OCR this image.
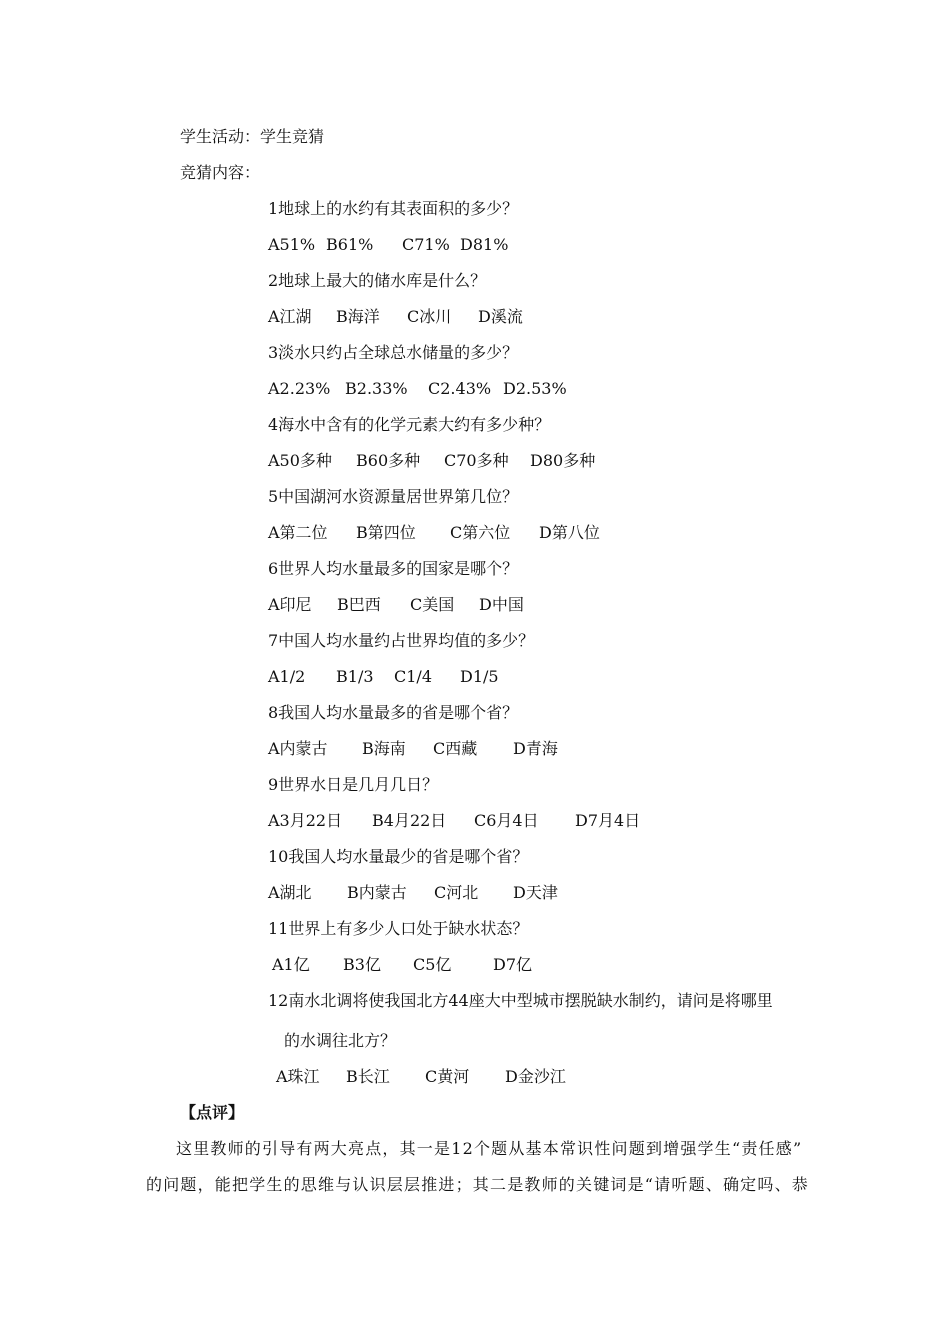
学生活动：学生竞猜
竞猜内容：
1地球上的水约有其表面积的多少？
A51% B61% C71% D81%
2地球上最大的储水库是什么？
A江湖 B海洋 C冰川 D溪流
3淡水只约占全球总水储量的多少？
A2.23% B2.33% C2.43% D2.53%
4海水中含有的化学元素大约有多少种？
A50多种 B60多种 C70多种 D80多种
5中国湖河水资源量居世界第几位？
A第二位 B第四位 C第六位 D第八位
6世界人均水量最多的国家是哪个？
A印尼 B巴西 C美国 D中国
7中国人均水量约占世界均值的多少？
A1/2 B1/3 C1/4 D1/5
8我国人均水量最多的省是哪个省？
A内蒙古 B海南 C西藏 D青海
9世界水日是几月几日？
A3月22日 B4月22日 C6月4日 D7月4日
10我国人均水量最少的省是哪个省？
A湖北 B内蒙古 C河北 D天津
11世界上有多少人口处于缺水状态？
A1亿 B3亿 C5亿	D7亿
12南水北调将使我国北方44座大中型城市摆脱缺水制约，请问是将哪里
的水调往北方？
A珠江 B长江 C黄河 D金沙江
【点评】
这里教师的引导有两大亮点，其一是12个题从基本常识性问题到增强学生“责任感”
的问题，能把学生的思维与认识层层推进；其二是教师的关键词是“请听题、确定吗、恭
